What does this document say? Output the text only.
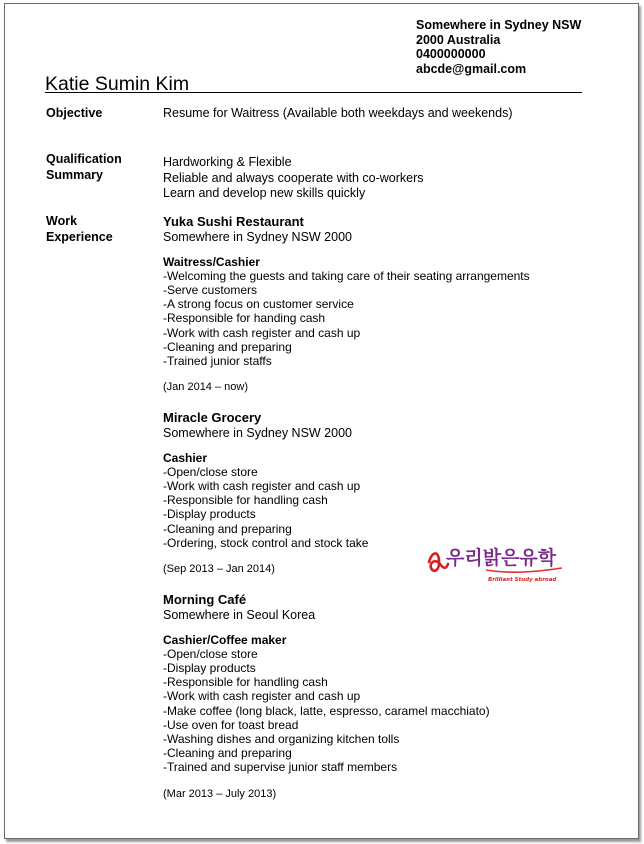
Somewhere in Sydney NSW
2000 Australia
0400000000
abcde@gmail.com
Katie Sumin Kim
Objective	Resume for Waitress (Available both weekdays and weekends)
Qualification
Summary
Hardworking & Flexible
Reliable and always cooperate with co-workers
Learn and develop new skills quickly
Work
Experience
Yuka Sushi Restaurant
Somewhere in Sydney NSW 2000
Waitress/Cashier
-Welcoming the guests and taking care of their seating arrangements
-Serve customers
-A strong focus on customer service
-Responsible for handing cash
-Work with cash register and cash up
-Cleaning and preparing
-Trained junior staffs
(Jan 2014 – now)
Miracle Grocery
Somewhere in Sydney NSW 2000
Cashier
-Open/close store
-Work with cash register and cash up
-Responsible for handling cash
-Display products
-Cleaning and preparing
-Ordering, stock control and stock take
(Sep 2013 – Jan 2014)
Morning Café
Somewhere in Seoul Korea
Cashier/Coffee maker
-Open/close store
-Display products
-Responsible for handling cash
-Work with cash register and cash up
-Make coffee (long black, latte, espresso, caramel macchiato)
-Use oven for toast bread
-Washing dishes and organizing kitchen tolls
-Cleaning and preparing
-Trained and supervise junior staff members
(Mar 2013 – July 2013)
우리밝은유학
Brilliant Study abroad
